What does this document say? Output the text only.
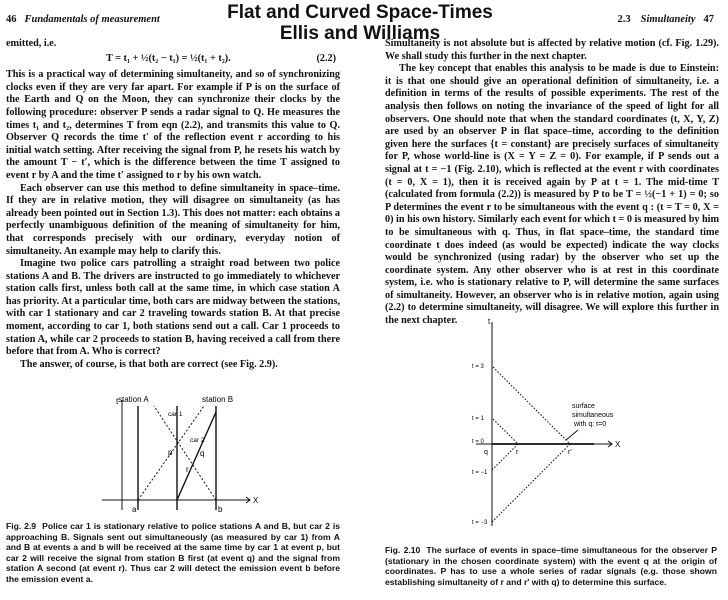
Flat and Curved Space-Times
Ellis and Williams
46 Fundamentals of measurement	2.3 Simultaneity 47

emitted, i.e.

T = t₁ + ½(t₂ − t₁) = ½(t₁ + t₂).	(2.2)

This is a practical way of determining simultaneity, and so of synchronizing clocks even if they are very far apart. For example if P is on the surface of the Earth and Q on the Moon, they can synchronize their clocks by the following procedure: observer P sends a radar signal to Q. He measures the times t₁ and t₂, determines T from eqn (2.2), and transmits this value to Q. Observer Q records the time t′ of the reflection event r according to his initial watch setting. After receiving the signal from P, he resets his watch by the amount T − t′, which is the difference between the time T assigned to event r by A and the time t′ assigned to r by his own watch.

Each observer can use this method to define simultaneity in space–time. If they are in relative motion, they will disagree on simultaneity (as has already been pointed out in Section 1.3). This does not matter: each obtains a perfectly unambiguous definition of the meaning of simultaneity for him, that corresponds precisely with our ordinary, everyday notion of simultaneity. An example may help to clarify this.

Imagine two police cars patrolling a straight road between two police stations A and B. The drivers are instructed to go immediately to whichever station calls first, unless both call at the same time, in which case station A has priority. At a particular time, both cars are midway between the stations, with car 1 stationary and car 2 traveling towards station B. At that precise moment, according to car 1, both stations send out a call. Car 1 proceeds to station A, while car 2 proceeds to station B, having received a call from there before that from A. Who is correct?

The answer, of course, is that both are correct (see Fig. 2.9).

Simultaneity is not absolute but is affected by relative motion (cf. Fig. 1.29). We shall study this further in the next chapter.

The key concept that enables this analysis to be made is due to Einstein: it is that one should give an operational definition of simultaneity, i.e. a definition in terms of the results of possible experiments. The rest of the analysis then follows on noting the invariance of the speed of light for all observers. One should note that when the standard coordinates (t, X, Y, Z) are used by an observer P in flat space–time, according to the definition given here the surfaces {t = constant} are precisely surfaces of simultaneity for P, whose world-line is (X = Y = Z = 0). For example, if P sends out a signal at t = −1 (Fig. 2.10), which is reflected at the event r with coordinates (t = 0, X = 1), then it is received again by P at t = 1. The mid-time T (calculated from formula (2.2)) is measured by P to be T = ½(−1 + 1) = 0; so P determines the event r to be simultaneous with the event q : (t = T = 0, X = 0) in his own history. Similarly each event for which t = 0 is measured by him to be simultaneous with q. Thus, in flat space–time, the standard time coordinate t does indeed (as would be expected) indicate the way clocks would be synchronized (using radar) by the observer who set up the coordinate system. Any other observer who is at rest in this coordinate system, i.e. who is stationary relative to P, will determine the same surfaces of simultaneity. However, an observer who is in relative motion, again using (2.2) to determine simultaneity, will disagree. We will explore this further in the next chapter.

station A	station B
car 1
car 2
p	q
r
a	b
t
X
Fig. 2.9 Police car 1 is stationary relative to police stations A and B, but car 2 is approaching B. Signals sent out simultaneously (as measured by car 1) from A and B at events a and b will be received at the same time by car 1 at event p, but car 2 will receive the signal from station B first (at event q) and the signal from station A second (at event r). Thus car 2 will detect the emission event b before the emission event a.
t
X
t = 3
t = 1
t = 0
t = −1
t = −3
q	r	r′
surface
simultaneous
with q: t=0
Fig. 2.10 The surface of events in space–time simultaneous for the observer P (stationary in the chosen coordinate system) with the event q at the origin of coordinates. P has to use a whole series of radar signals (e.g. those shown establishing simultaneity of r and r′ with q) to determine this surface.
